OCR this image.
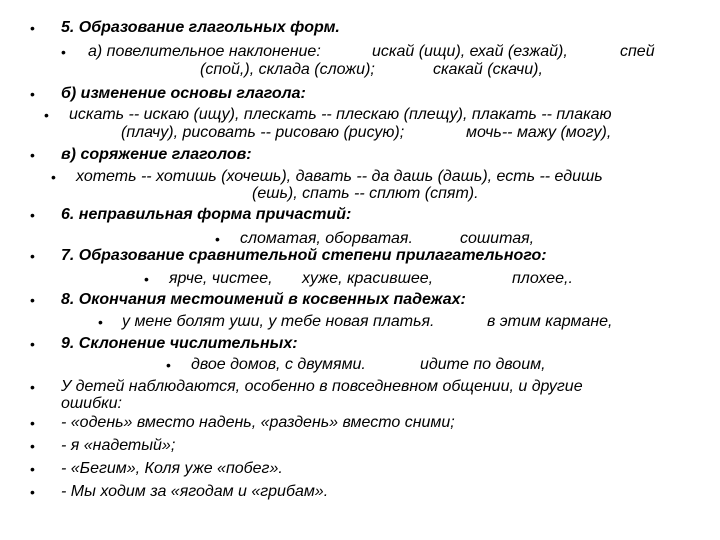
• 5. Образование глагольных форм.
• а) повелительное наклонение:	искай (ищи), ехай (езжай),	спей
(спой,), склада (сложи);	скакай (скачи),
• б) изменение основы глагола:
• искать -- искаю (ищу), плескать -- плескаю (плещу), плакать -- плакаю
(плачу), рисовать -- рисоваю (рисую);	мочь-- мажу (могу),
• в) соряжение глаголов:
• хотеть -- хотишь (хочешь), давать -- да дашь (дашь), есть -- едишь
(ешь), спать -- сплют (спят).
• 6. неправильная форма причастий:
• сломатая, оборватая.	сошитая,
• 7. Образование сравнительной степени прилагательного:
• ярче, чистее, хуже, красившее,	плохее,.
• 8. Окончания местоимений в косвенных падежах:
• у мене болят уши, у тебе новая платья.	в этим кармане,
• 9. Склонение числительных:
• двое домов, с двумями.	идите по двоим,
• У детей наблюдаются, особенно в повседневном общении, и другие
ошибки:
• - «одень» вместо надень, «раздень» вместо сними;
• - я «надетый»;
• - «Бегим», Коля уже «побег».
• - Мы ходим за «ягодам и «грибам».
